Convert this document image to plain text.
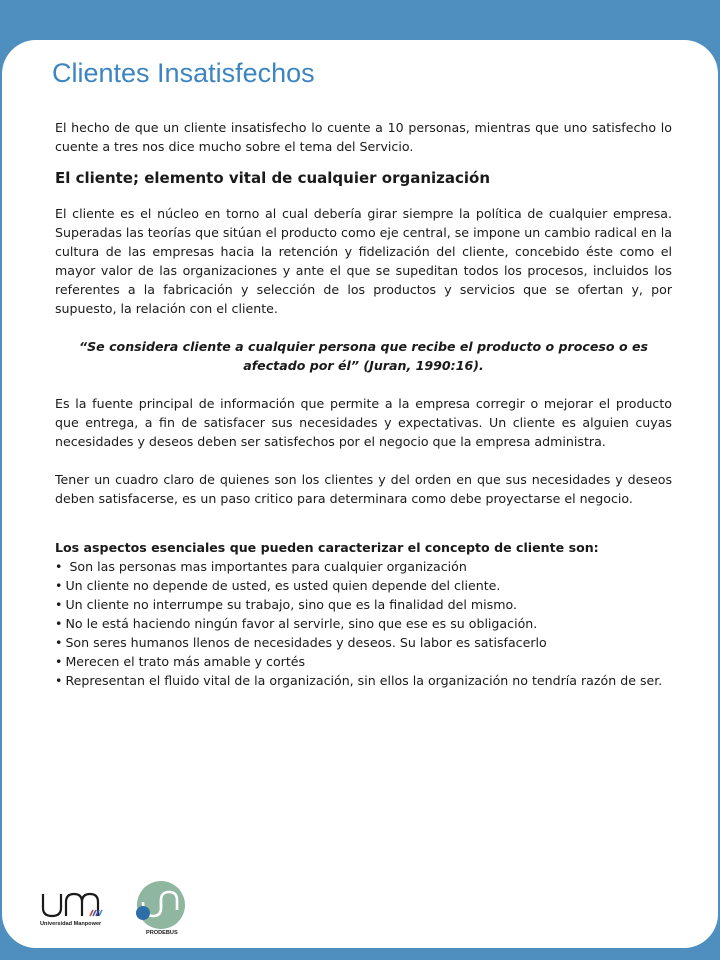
Clientes Insatisfechos

El hecho de que un cliente insatisfecho lo cuente a 10 personas, mientras que uno satisfecho lo cuente a tres nos dice mucho sobre el tema del Servicio.

El cliente; elemento vital de cualquier organización

El cliente es el núcleo en torno al cual debería girar siempre la política de cualquier empresa. Superadas las teorías que sitúan el producto como eje central, se impone un cambio radical en la cultura de las empresas hacia la retención y fidelización del cliente, concebido éste como el mayor valor de las organizaciones y ante el que se supeditan todos los procesos, incluidos los referentes a la fabricación y selección de los productos y servicios que se ofertan y, por supuesto, la relación con el cliente.

“Se considera cliente a cualquier persona que recibe el producto o proceso o es afectado por él” (Juran, 1990:16).

Es la fuente principal de información que permite a la empresa corregir o mejorar el producto que entrega, a fin de satisfacer sus necesidades y expectativas. Un cliente es alguien cuyas necesidades y deseos deben ser satisfechos por el negocio que la empresa administra.

Tener un cuadro claro de quienes son los clientes y del orden en que sus necesidades y deseos deben satisfacerse, es un paso critico para determinara como debe proyectarse el negocio.

Los aspectos esenciales que pueden caracterizar el concepto de cliente son:

• Son las personas mas importantes para cualquier organización
• Un cliente no depende de usted, es usted quien depende del cliente.
• Un cliente no interrumpe su trabajo, sino que es la finalidad del mismo.
• No le está haciendo ningún favor al servirle, sino que ese es su obligación.
• Son seres humanos llenos de necesidades y deseos. Su labor es satisfacerlo
• Merecen el trato más amable y cortés
• Representan el fluido vital de la organización, sin ellos la organización no tendría razón de ser.
Universidad Manpower
PRODEBUS
